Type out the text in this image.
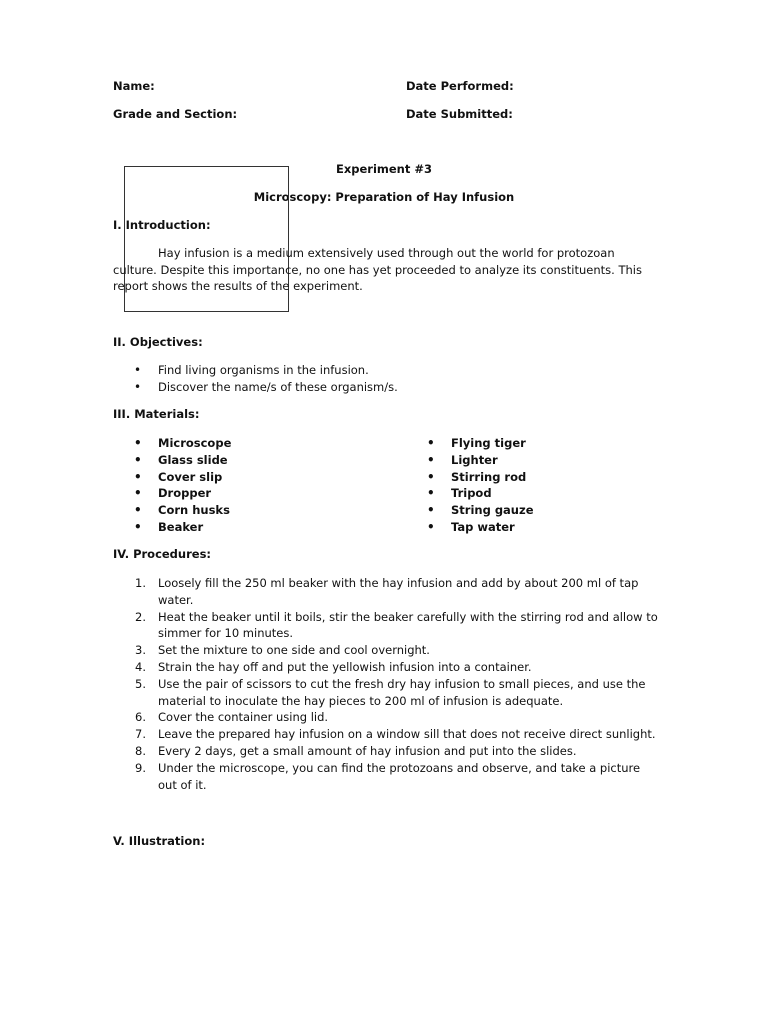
Name:	Date Performed:
Grade and Section:	Date Submitted:
Experiment #3
Microscopy: Preparation of Hay Infusion
I. Introduction:
Hay infusion is a medium extensively used through out the world for protozoan culture. Despite this importance, no one has yet proceeded to analyze its constituents. This report shows the results of the experiment.
II. Objectives:
• Find living organisms in the infusion.
• Discover the name/s of these organism/s.
III. Materials:
• Microscope
• Glass slide
• Cover slip
• Dropper
• Corn husks
• Beaker
• Flying tiger
• Lighter
• Stirring rod
• Tripod
• String gauze
• Tap water
IV. Procedures:
1. Loosely fill the 250 ml beaker with the hay infusion and add by about 200 ml of tap water.
2. Heat the beaker until it boils, stir the beaker carefully with the stirring rod and allow to simmer for 10 minutes.
3. Set the mixture to one side and cool overnight.
4. Strain the hay off and put the yellowish infusion into a container.
5. Use the pair of scissors to cut the fresh dry hay infusion to small pieces, and use the material to inoculate the hay pieces to 200 ml of infusion is adequate.
6. Cover the container using lid.
7. Leave the prepared hay infusion on a window sill that does not receive direct sunlight.
8. Every 2 days, get a small amount of hay infusion and put into the slides.
9. Under the microscope, you can find the protozoans and observe, and take a picture out of it.
V. Illustration:
